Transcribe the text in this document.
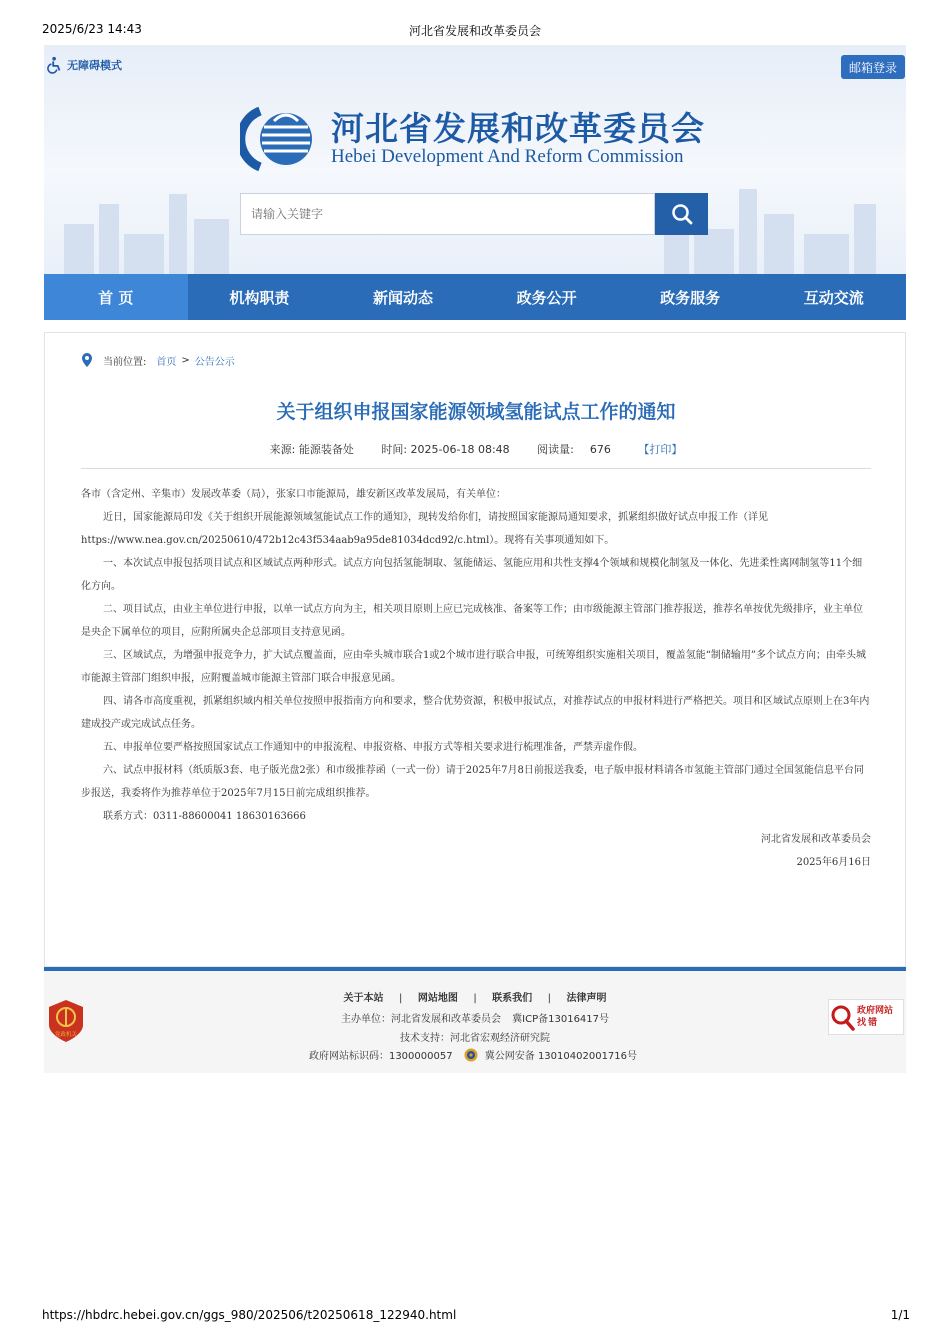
2025/6/23 14:43	河北省发展和改革委员会
无障碍模式	邮箱登录
河北省发展和改革委员会
Hebei Development And Reform Commission
请输入关键字
首 页	机构职责	新闻动态	政务公开	政务服务	互动交流
当前位置: 首页 > 公告公示
关于组织申报国家能源领域氢能试点工作的通知
来源: 能源装备处	时间: 2025-06-18 08:48	阅读量: 676	【打印】

各市（含定州、辛集市）发展改革委（局），张家口市能源局，雄安新区改革发展局，有关单位：

近日，国家能源局印发《关于组织开展能源领域氢能试点工作的通知》，现转发给你们，请按照国家能源局通知要求，抓紧组织做好试点申报工作（详见https://www.nea.gov.cn/20250610/472b12c43f534aab9a95de81034dcd92/c.html）。现将有关事项通知如下。

一、本次试点申报包括项目试点和区域试点两种形式。试点方向包括氢能制取、氢能储运、氢能应用和共性支撑4个领域和规模化制氢及一体化、先进柔性离网制氢等11个细化方向。

二、项目试点，由业主单位进行申报，以单一试点方向为主，相关项目原则上应已完成核准、备案等工作；由市级能源主管部门推荐报送，推荐名单按优先级排序，业主单位是央企下属单位的项目，应附所属央企总部项目支持意见函。

三、区域试点，为增强申报竞争力，扩大试点覆盖面，应由牵头城市联合1或2个城市进行联合申报，可统筹组织实施相关项目，覆盖氢能“制储输用”多个试点方向；由牵头城市能源主管部门组织申报，应附覆盖城市能源主管部门联合申报意见函。

四、请各市高度重视，抓紧组织域内相关单位按照申报指南方向和要求，整合优势资源，积极申报试点，对推荐试点的申报材料进行严格把关。项目和区域试点原则上在3年内建成投产或完成试点任务。

五、申报单位要严格按照国家试点工作通知中的申报流程、申报资格、申报方式等相关要求进行梳理准备，严禁弄虚作假。

六、试点申报材料（纸质版3套、电子版光盘2张）和市级推荐函（一式一份）请于2025年7月8日前报送我委，电子版申报材料请各市氢能主管部门通过全国氢能信息平台同步报送，我委将作为推荐单位于2025年7月15日前完成组织推荐。

联系方式：0311-88600041 18630163666

河北省发展和改革委员会

2025年6月16日

党政机关
关于本站 | 网站地图 | 联系我们 | 法律声明
主办单位：河北省发展和改革委员会 冀ICP备13016417号
技术支持：河北省宏观经济研究院
政府网站标识码：1300000057	冀公网安备 13010402001716号
政府网站
找错
https://hbdrc.hebei.gov.cn/ggs_980/202506/t20250618_122940.html	1/1
